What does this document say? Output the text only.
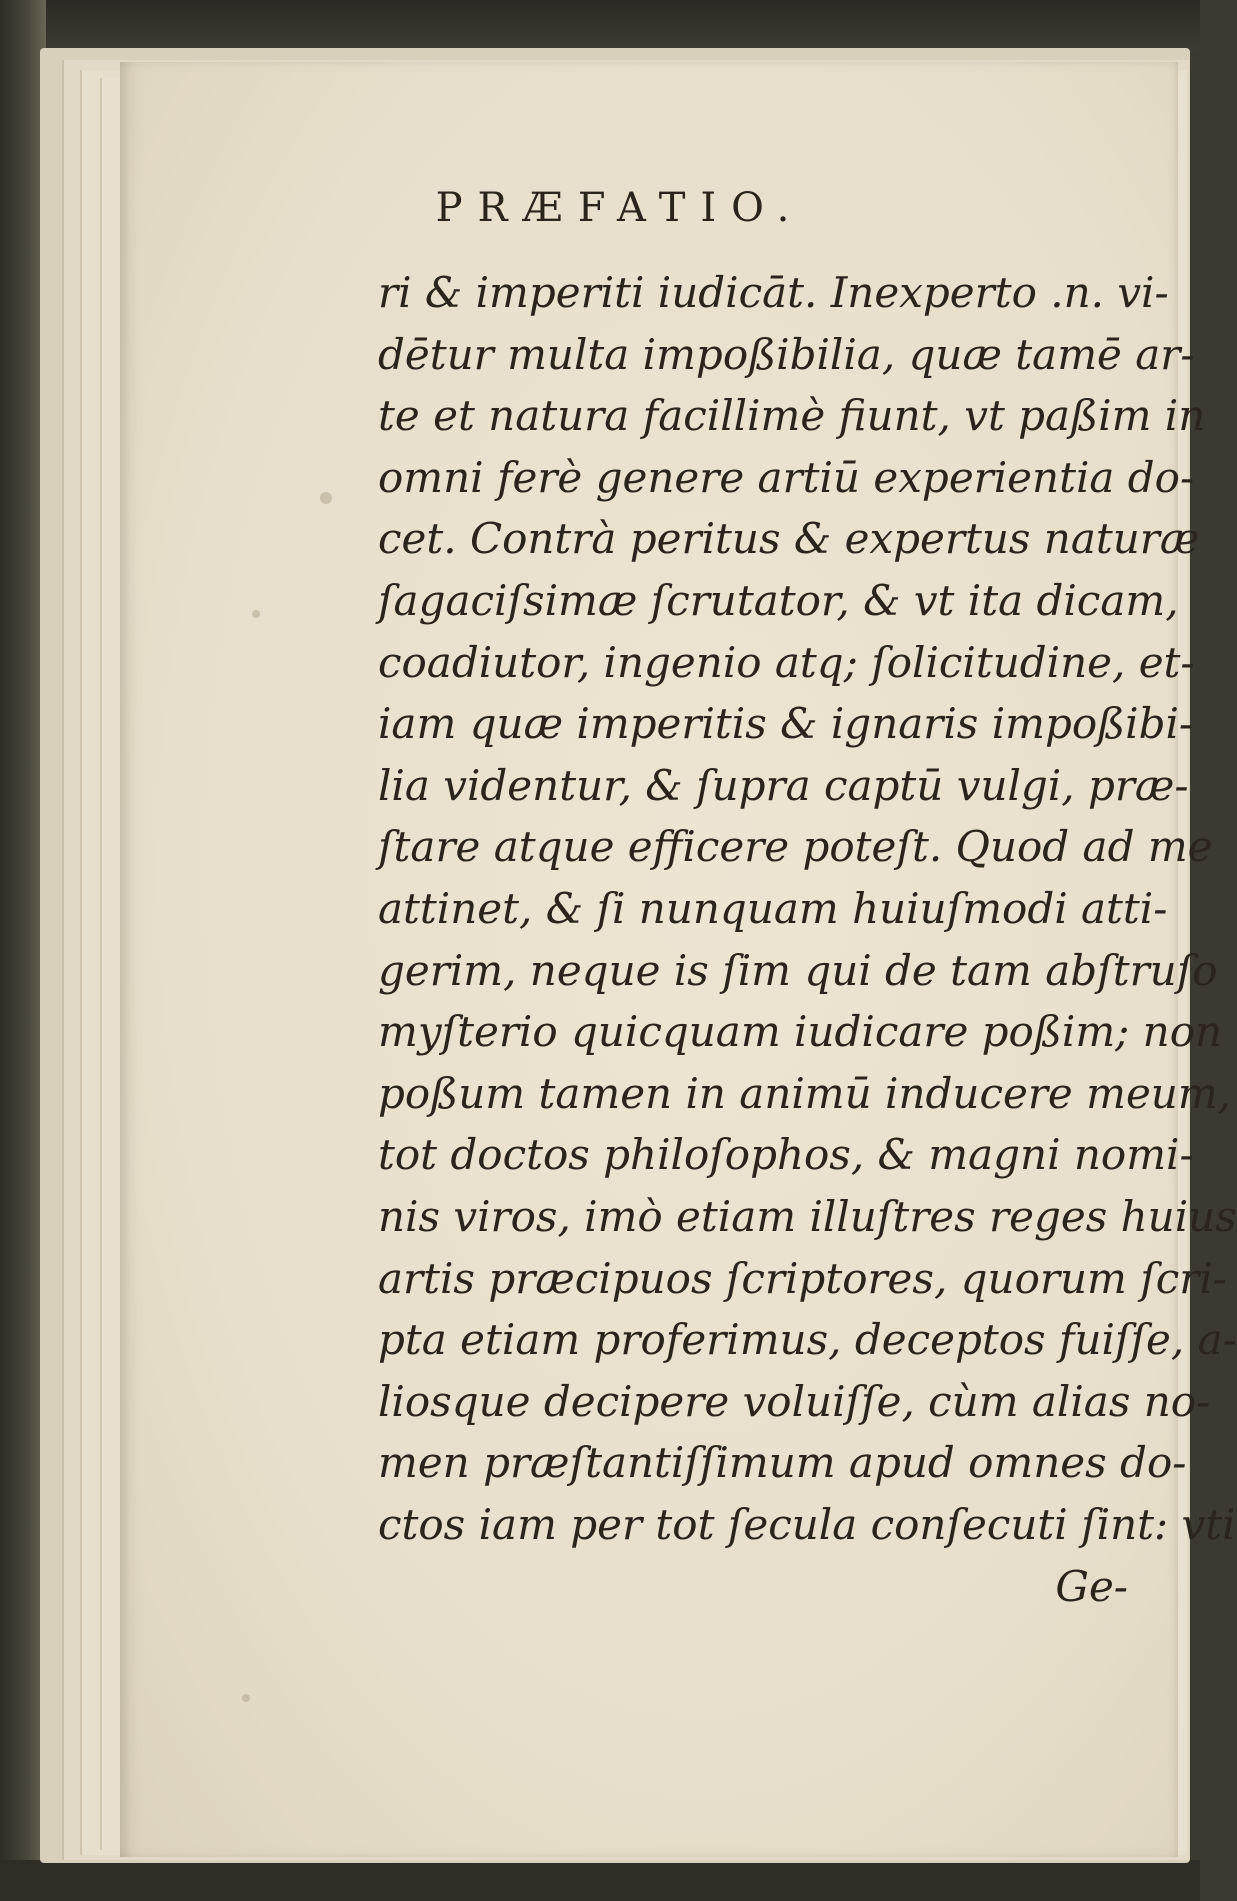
PRÆFATIO.
ri & imperiti iudicāt. Inexperto .n. vi-
dētur multa impoßibilia, quæ tamē ar-
te et natura facillimè fiunt, vt paßim in
omni ferè genere artiū experientia do-
cet. Contrà peritus & expertus naturæ
ſagaciſsimæ ſcrutator, & vt ita dicam,
coadiutor, ingenio atq; ſolicitudine, et-
iam quæ imperitis & ignaris impoßibi-
lia videntur, & ſupra captū vulgi, præ-
ſtare atque efficere poteſt. Quod ad me
attinet, & ſi nunquam huiuſmodi atti-
gerim, neque is ſim qui de tam abſtruſo
myſterio quicquam iudicare poßim; non
poßum tamen in animū inducere meum,
tot doctos philoſophos, & magni nomi-
nis viros, imò etiam illuſtres reges huius
artis præcipuos ſcriptores, quorum ſcri-
pta etiam proferimus, deceptos fuiſſe, a-
liosque decipere voluiſſe, cùm alias no-
men præſtantiſſimum apud omnes do-
ctos iam per tot ſecula conſecuti ſint: vti
Ge-
